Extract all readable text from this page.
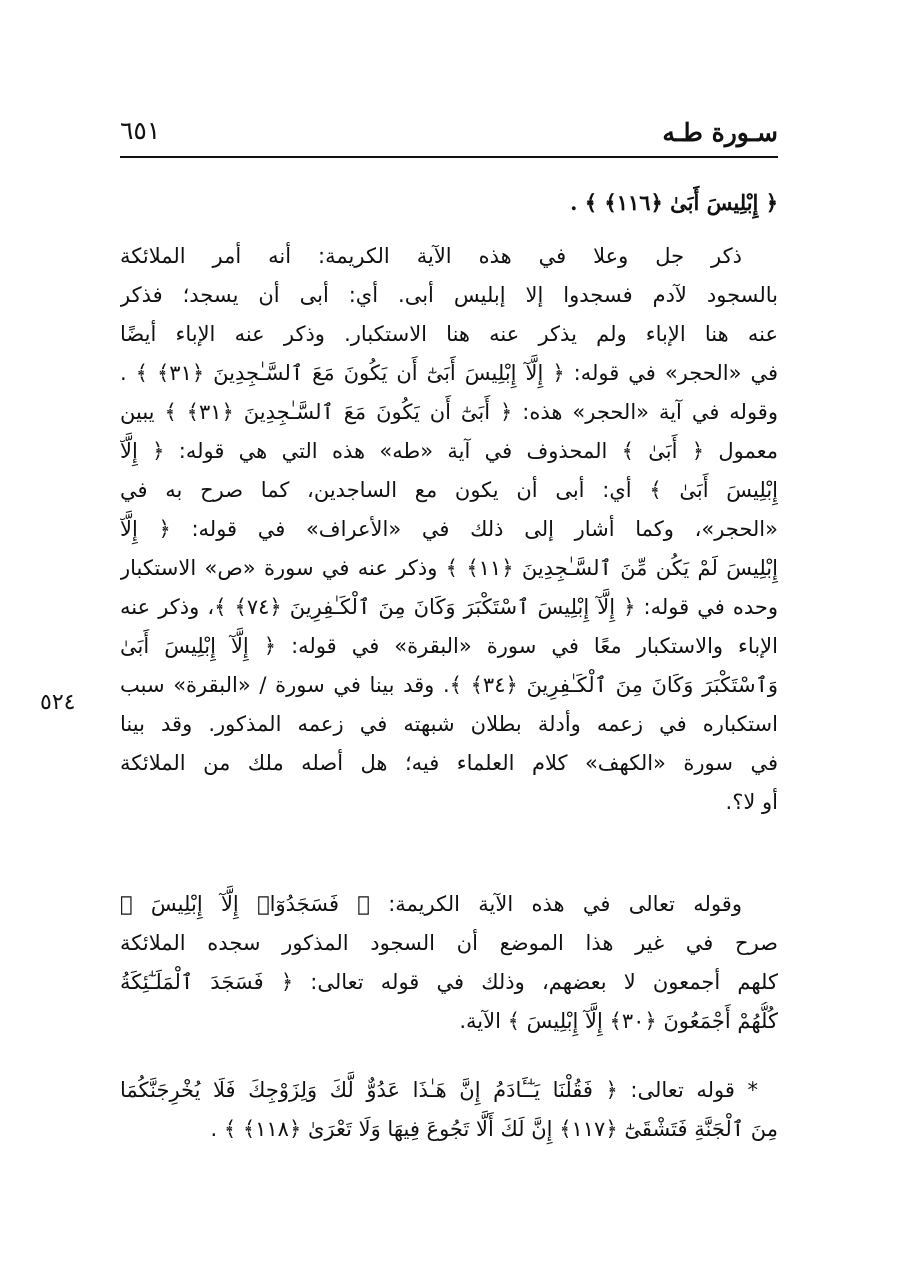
سـورة طـه
٦٥١
٥٢٤
﴿ إِبْلِيسَ أَبَىٰ ﴿١١٦﴾ ﴾ .
ذكر جل وعلا في هذه الآية الكريمة: أنه أمر الملائكة
بالسجود لآدم فسجدوا إلا إبليس أبى. أي: أبى أن يسجد؛ فذكر
عنه هنا الإباء ولم يذكر عنه هنا الاستكبار. وذكر عنه الإباء أيضًا
في «الحجر» في قوله: ﴿ إِلَّآ إِبْلِيسَ أَبَىٰٓ أَن يَكُونَ مَعَ ٱلسَّـٰجِدِينَ ﴿٣١﴾ ﴾ .
وقوله في آية «الحجر» هذه: ﴿ أَبَىٰٓ أَن يَكُونَ مَعَ ٱلسَّـٰجِدِينَ ﴿٣١﴾ ﴾ يبين
معمول ﴿ أَبَىٰ ﴾ المحذوف في آية «طه» هذه التي هي قوله: ﴿ إِلَّآ
إِبْلِيسَ أَبَىٰ ﴾ أي: أبى أن يكون مع الساجدين، كما صرح به في
«الحجر»، وكما أشار إلى ذلك في «الأعراف» في قوله: ﴿ إِلَّآ
إِبْلِيسَ لَمْ يَكُن مِّنَ ٱلسَّـٰجِدِينَ ﴿١١﴾ ﴾ وذكر عنه في سورة «ص» الاستكبار
وحده في قوله: ﴿ إِلَّآ إِبْلِيسَ ٱسْتَكْبَرَ وَكَانَ مِنَ ٱلْكَـٰفِرِينَ ﴿٧٤﴾ ﴾، وذكر عنه
الإباء والاستكبار معًا في سورة «البقرة» في قوله: ﴿ إِلَّآ إِبْلِيسَ أَبَىٰ
وَٱسْتَكْبَرَ وَكَانَ مِنَ ٱلْكَـٰفِرِينَ ﴿٣٤﴾ ﴾. وقد بينا في سورة / «البقرة» سبب
استكباره في زعمه وأدلة بطلان شبهته في زعمه المذكور. وقد بينا
في سورة «الكهف» كلام العلماء فيه؛ هل أصله ملك من الملائكة
أو لا؟.
وقوله تعالى في هذه الآية الكريمة: ﴿ فَسَجَدُوٓا۟ إِلَّآ إِبْلِيسَ ﴾
صرح في غير هذا الموضع أن السجود المذكور سجده الملائكة
كلهم أجمعون لا بعضهم، وذلك في قوله تعالى: ﴿ فَسَجَدَ ٱلْمَلَـٰٓئِكَةُ
كُلُّهُمْ أَجْمَعُونَ ﴿٣٠﴾ إِلَّآ إِبْلِيسَ ﴾ الآية.
* قوله تعالى: ﴿ فَقُلْنَا يَـٰٓـَٔادَمُ إِنَّ هَـٰذَا عَدُوٌّ لَّكَ وَلِزَوْجِكَ فَلَا يُخْرِجَنَّكُمَا
مِنَ ٱلْجَنَّةِ فَتَشْقَىٰٓ ﴿١١٧﴾ إِنَّ لَكَ أَلَّا تَجُوعَ فِيهَا وَلَا تَعْرَىٰ ﴿١١٨﴾ ﴾ .
